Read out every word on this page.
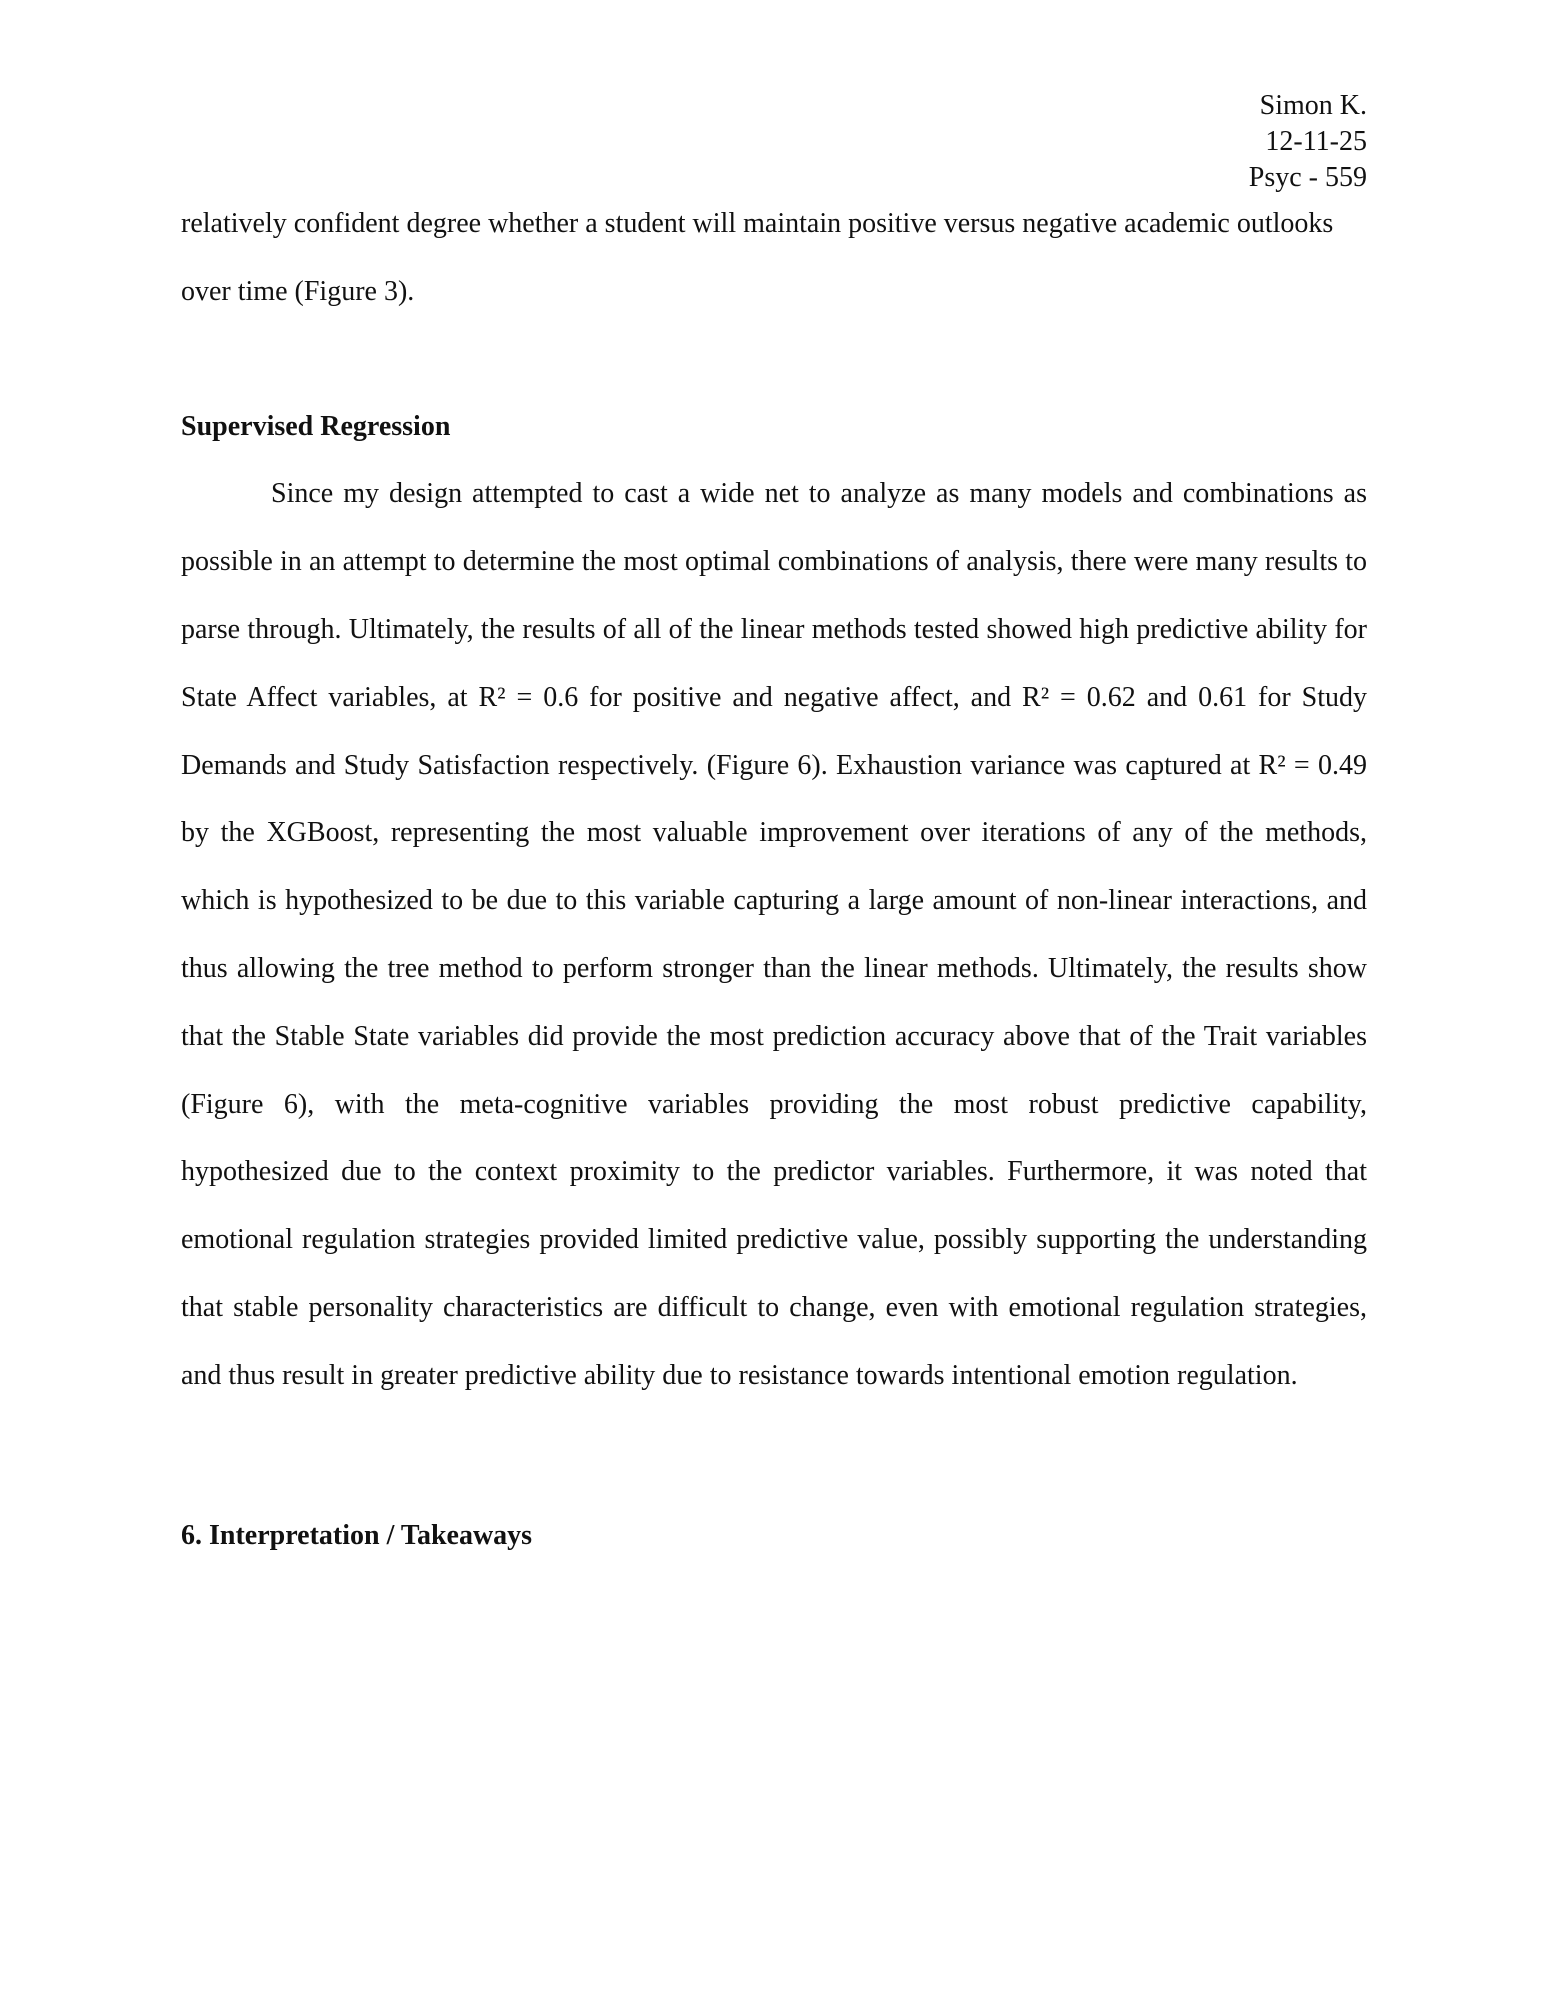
Simon K.
12-11-25
Psyc - 559

relatively confident degree whether a student will maintain positive versus negative academic outlooks over time (Figure 3).

Supervised Regression

Since my design attempted to cast a wide net to analyze as many models and combinations as possible in an attempt to determine the most optimal combinations of analysis, there were many results to parse through. Ultimately, the results of all of the linear methods tested showed high predictive ability for State Affect variables, at R² = 0.6 for positive and negative affect, and R² = 0.62 and 0.61 for Study Demands and Study Satisfaction respectively. (Figure 6). Exhaustion variance was captured at R² = 0.49 by the XGBoost, representing the most valuable improvement over iterations of any of the methods, which is hypothesized to be due to this variable capturing a large amount of non-linear interactions, and thus allowing the tree method to perform stronger than the linear methods. Ultimately, the results show that the Stable State variables did provide the most prediction accuracy above that of the Trait variables (Figure 6), with the meta-cognitive variables providing the most robust predictive capability, hypothesized due to the context proximity to the predictor variables. Furthermore, it was noted that emotional regulation strategies provided limited predictive value, possibly supporting the understanding that stable personality characteristics are difficult to change, even with emotional regulation strategies, and thus result in greater predictive ability due to resistance towards intentional emotion regulation.

6. Interpretation / Takeaways
